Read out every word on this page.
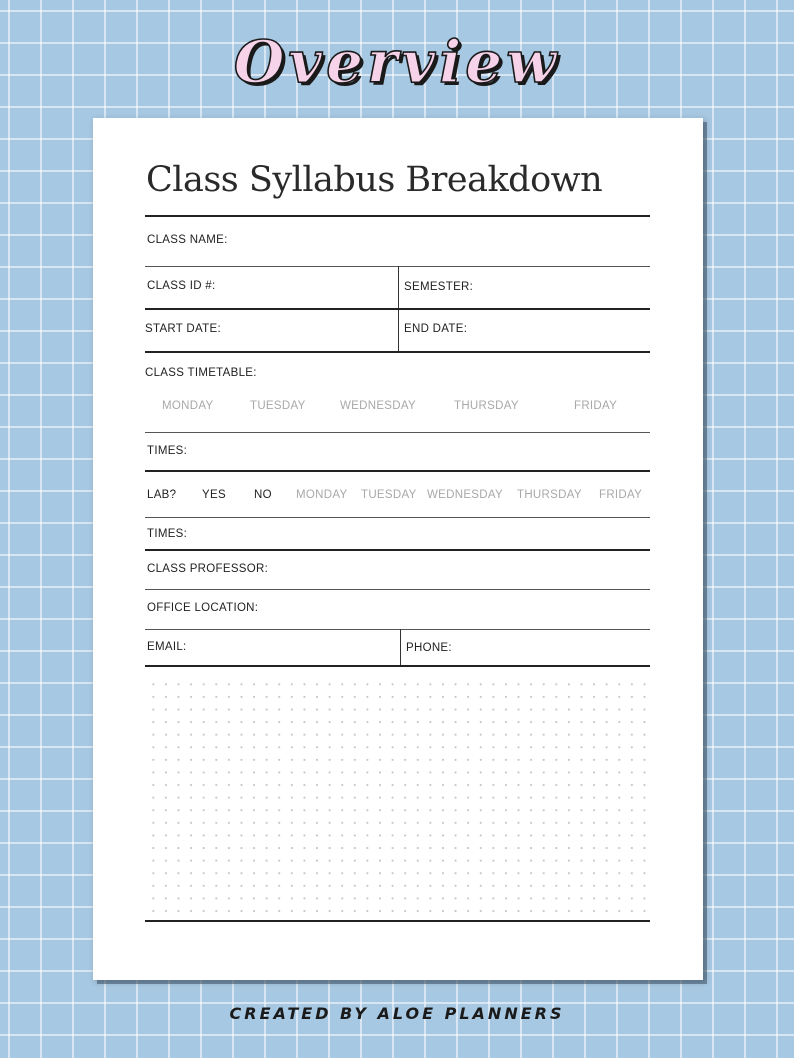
Overview
Class Syllabus Breakdown
CLASS NAME:
CLASS ID #:	SEMESTER:
START DATE:	END DATE:
CLASS TIMETABLE:
MONDAY	TUESDAY	WEDNESDAY	THURSDAY	FRIDAY
TIMES:
LAB? YES NO MONDAY TUESDAY WEDNESDAY THURSDAY FRIDAY
TIMES:
CLASS PROFESSOR:
OFFICE LOCATION:
EMAIL:	PHONE:
CREATED BY ALOE PLANNERS
